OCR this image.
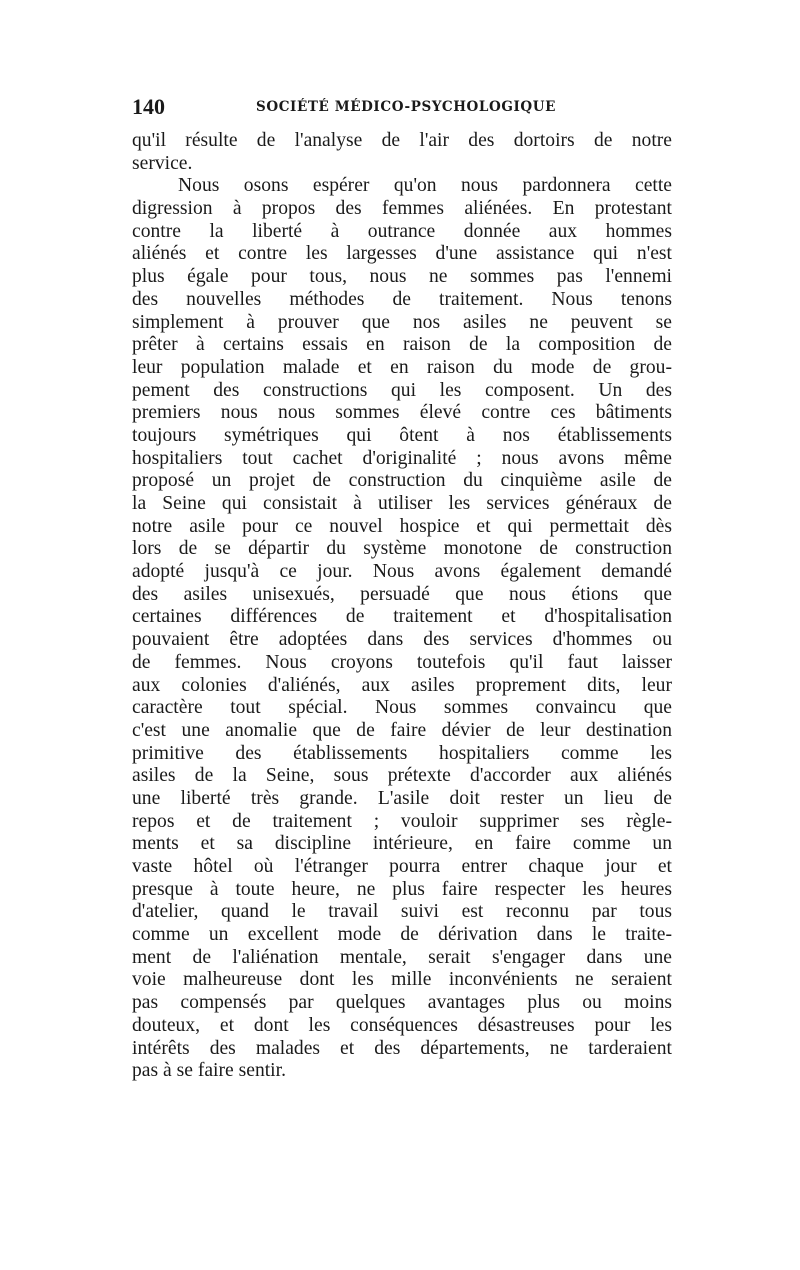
140	SOCIÉTÉ MÉDICO-PSYCHOLOGIQUE
qu'il résulte de l'analyse de l'air des dortoirs de notre
service.
Nous osons espérer qu'on nous pardonnera cette
digression à propos des femmes aliénées. En protestant
contre la liberté à outrance donnée aux hommes
aliénés et contre les largesses d'une assistance qui n'est
plus égale pour tous, nous ne sommes pas l'ennemi
des nouvelles méthodes de traitement. Nous tenons
simplement à prouver que nos asiles ne peuvent se
prêter à certains essais en raison de la composition de
leur population malade et en raison du mode de grou-
pement des constructions qui les composent. Un des
premiers nous nous sommes élevé contre ces bâtiments
toujours symétriques qui ôtent à nos établissements
hospitaliers tout cachet d'originalité ; nous avons même
proposé un projet de construction du cinquième asile de
la Seine qui consistait à utiliser les services généraux de
notre asile pour ce nouvel hospice et qui permettait dès
lors de se départir du système monotone de construction
adopté jusqu'à ce jour. Nous avons également demandé
des asiles unisexués, persuadé que nous étions que
certaines différences de traitement et d'hospitalisation
pouvaient être adoptées dans des services d'hommes ou
de femmes. Nous croyons toutefois qu'il faut laisser
aux colonies d'aliénés, aux asiles proprement dits, leur
caractère tout spécial. Nous sommes convaincu que
c'est une anomalie que de faire dévier de leur destination
primitive des établissements hospitaliers comme les
asiles de la Seine, sous prétexte d'accorder aux aliénés
une liberté très grande. L'asile doit rester un lieu de
repos et de traitement ; vouloir supprimer ses règle-
ments et sa discipline intérieure, en faire comme un
vaste hôtel où l'étranger pourra entrer chaque jour et
presque à toute heure, ne plus faire respecter les heures
d'atelier, quand le travail suivi est reconnu par tous
comme un excellent mode de dérivation dans le traite-
ment de l'aliénation mentale, serait s'engager dans une
voie malheureuse dont les mille inconvénients ne seraient
pas compensés par quelques avantages plus ou moins
douteux, et dont les conséquences désastreuses pour les
intérêts des malades et des départements, ne tarderaient
pas à se faire sentir.
